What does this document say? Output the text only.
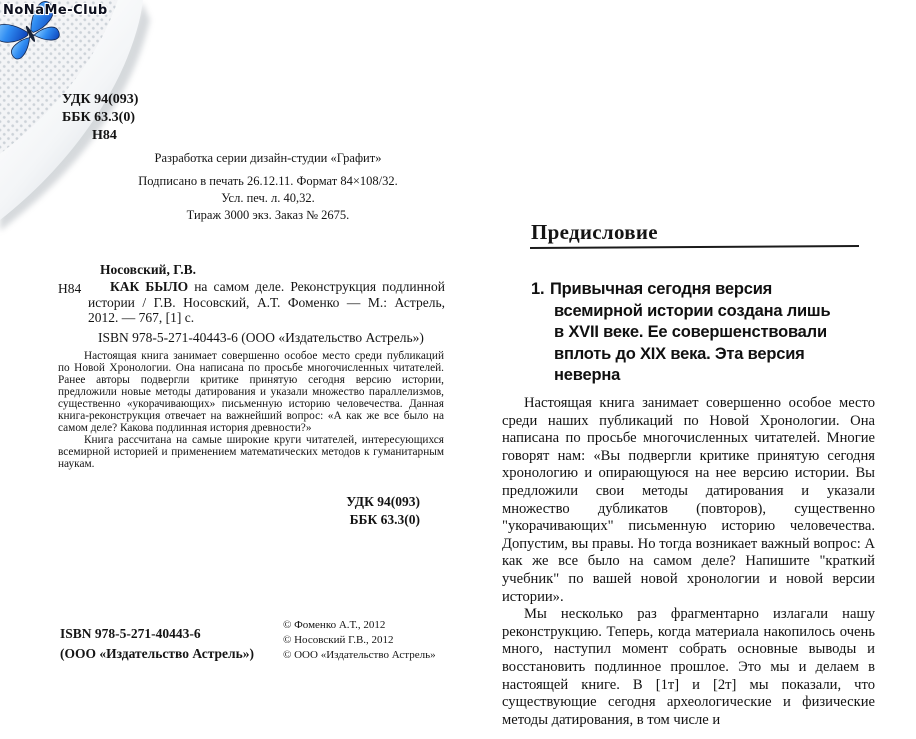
NoNaMe-Club
УДК 94(093)
ББК 63.3(0)
Н84
Разработка серии дизайн-студии «Графит»
Подписано в печать 26.12.11. Формат 84×108/32.
Усл. печ. л. 40,32.
Тираж 3000 экз. Заказ № 2675.
Н84
Носовский, Г.В.

КАК БЫЛО на самом деле. Реконструкция подлинной истории / Г.В. Носовский, А.Т. Фоменко — М.: Астрель, 2012. — 767, [1] с.

ISBN 978-5-271-40443-6 (ООО «Издательство Астрель»)

Настоящая книга занимает совершенно особое место среди публикаций по Новой Хронологии. Она написана по просьбе многочисленных читателей. Ранее авторы подвергли критике принятую сегодня версию истории, предложили новые методы датирования и указали множество параллелизмов, существенно «укорачивающих» письменную историю человечества. Данная книга-реконструкция отвечает на важнейший вопрос: «А как же все было на самом деле? Какова подлинная история древности?»

Книга рассчитана на самые широкие круги читателей, интересующихся всемирной историей и применением математических методов к гуманитарным наукам.

УДК 94(093)
ББК 63.3(0)
ISBN 978-5-271-40443-6
(ООО «Издательство Астрель»)
© Фоменко А.Т., 2012
© Носовский Г.В., 2012
© ООО «Издательство Астрель»
Предисловие
1. Привычная сегодня версия
всемирной истории создана лишь
в XVII веке. Ее совершенствовали
вплоть до XIX века. Эта версия
неверна

Настоящая книга занимает совершенно особое место среди наших публикаций по Новой Хронологии. Она написана по просьбе многочисленных читателей. Многие говорят нам: «Вы подвергли критике принятую сегодня хронологию и опирающуюся на нее версию истории. Вы предложили свои методы датирования и указали множество дубликатов (повторов), существенно "укорачивающих" письменную историю человечества. Допустим, вы правы. Но тогда возникает важный вопрос: А как же все было на самом деле? Напишите "краткий учебник" по вашей новой хронологии и новой версии истории».

Мы несколько раз фрагментарно излагали нашу реконструкцию. Теперь, когда материала накопилось очень много, наступил момент собрать основные выводы и восстановить подлинное прошлое. Это мы и делаем в настоящей книге. В [1т] и [2т] мы показали, что существующие сегодня археологические и физические методы датирования, в том числе и
